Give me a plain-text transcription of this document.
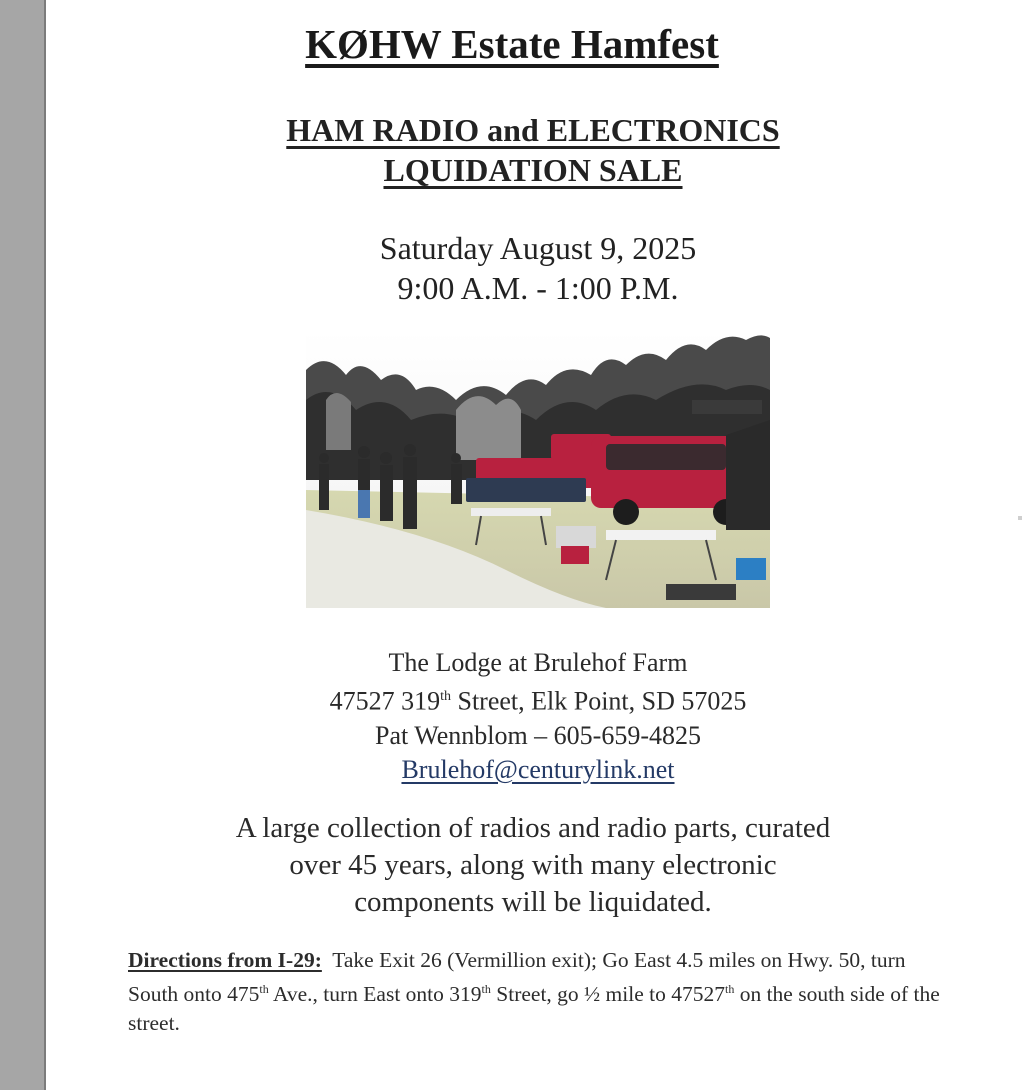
KØHW Estate Hamfest
HAM RADIO and ELECTRONICS
LQUIDATION SALE
Saturday August 9, 2025
9:00 A.M. - 1:00 P.M.
The Lodge at Brulehof Farm
47527 319th Street, Elk Point, SD 57025
Pat Wennblom – 605-659-4825
Brulehof@centurylink.net
A large collection of radios and radio parts, curated
over 45 years, along with many electronic
components will be liquidated.
Directions from I-29:  Take Exit 26 (Vermillion exit); Go East 4.5 miles on Hwy. 50, turn South onto 475th Ave., turn East onto 319th Street, go ½ mile to 47527th on the south side of the street.
